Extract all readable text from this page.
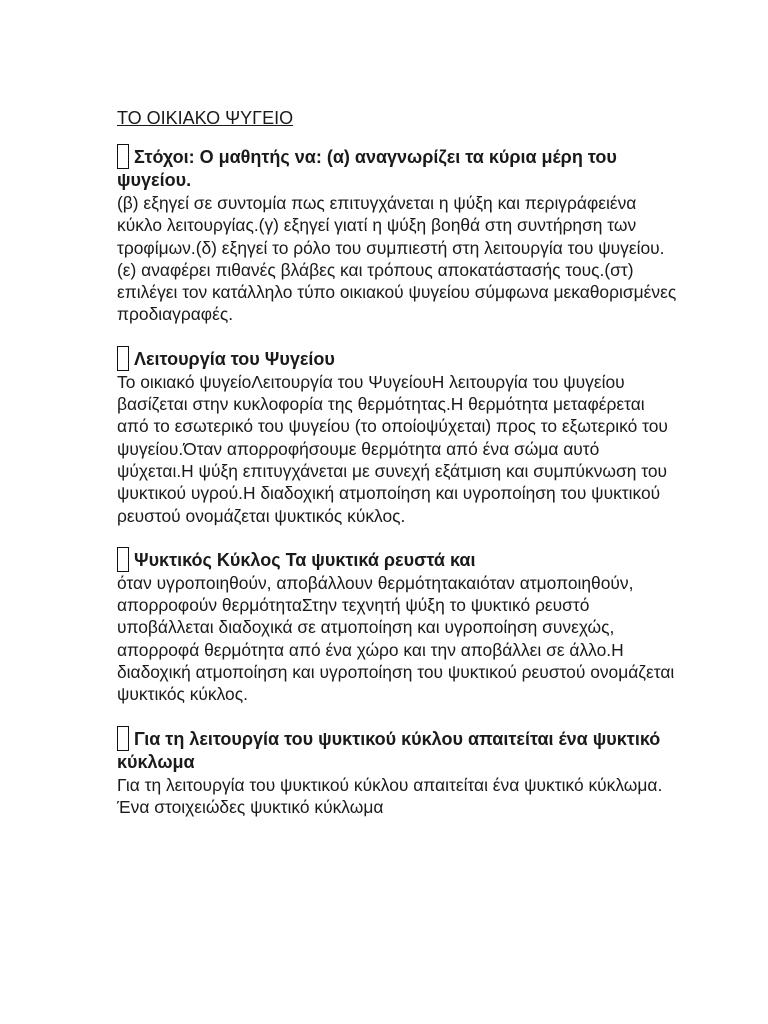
ΤΟ ΟΙΚΙΑΚΟ ΨΥΓΕΙΟ

Στόχοι: Ο μαθητής να: (α) αναγνωρίζει τα κύρια μέρη του ψυγείου.

(β) εξηγεί σε συντομία πως επιτυγχάνεται η ψύξη και περιγράφειένα κύκλο λειτουργίας.(γ) εξηγεί γιατί η ψύξη βοηθά στη συντήρηση των τροφίμων.(δ) εξηγεί το ρόλο του συμπιεστή στη λειτουργία του ψυγείου.(ε) αναφέρει πιθανές βλάβες και τρόπους αποκατάστασής τους.(στ) επιλέγει τον κατάλληλο τύπο οικιακού ψυγείου σύμφωνα μεκαθορισμένες προδιαγραφές.

Λειτουργία του Ψυγείου

Το οικιακό ψυγείοΛειτουργία του ΨυγείουΗ λειτουργία του ψυγείου βασίζεται στην κυκλοφορία της θερμότητας.Η θερμότητα μεταφέρεται από το εσωτερικό του ψυγείου (το οποίοψύχεται) προς το εξωτερικό του ψυγείου.Όταν απορροφήσουμε θερμότητα από ένα σώμα αυτό ψύχεται.Η ψύξη επιτυγχάνεται με συνεχή εξάτμιση και συμπύκνωση του ψυκτικού υγρού.Η διαδοχική ατμοποίηση και υγροποίηση του ψυκτικού ρευστού ονομάζεται ψυκτικός κύκλος.

Ψυκτικός Κύκλος Τα ψυκτικά ρευστά και

όταν υγροποιηθούν, αποβάλλουν θερμότητακαιόταν ατμοποιηθούν, απορροφούν θερμότηταΣτην τεχνητή ψύξη το ψυκτικό ρευστό υποβάλλεται διαδοχικά σε ατμοποίηση και υγροποίηση συνεχώς, απορροφά θερμότητα από ένα χώρο και την αποβάλλει σε άλλο.Η διαδοχική ατμοποίηση και υγροποίηση του ψυκτικού ρευστού ονομάζεται ψυκτικός κύκλος.

Για τη λειτουργία του ψυκτικού κύκλου απαιτείται ένα ψυκτικό κύκλωμα

Για τη λειτουργία του ψυκτικού κύκλου απαιτείται ένα ψυκτικό κύκλωμα. Ένα στοιχειώδες ψυκτικό κύκλωμα
